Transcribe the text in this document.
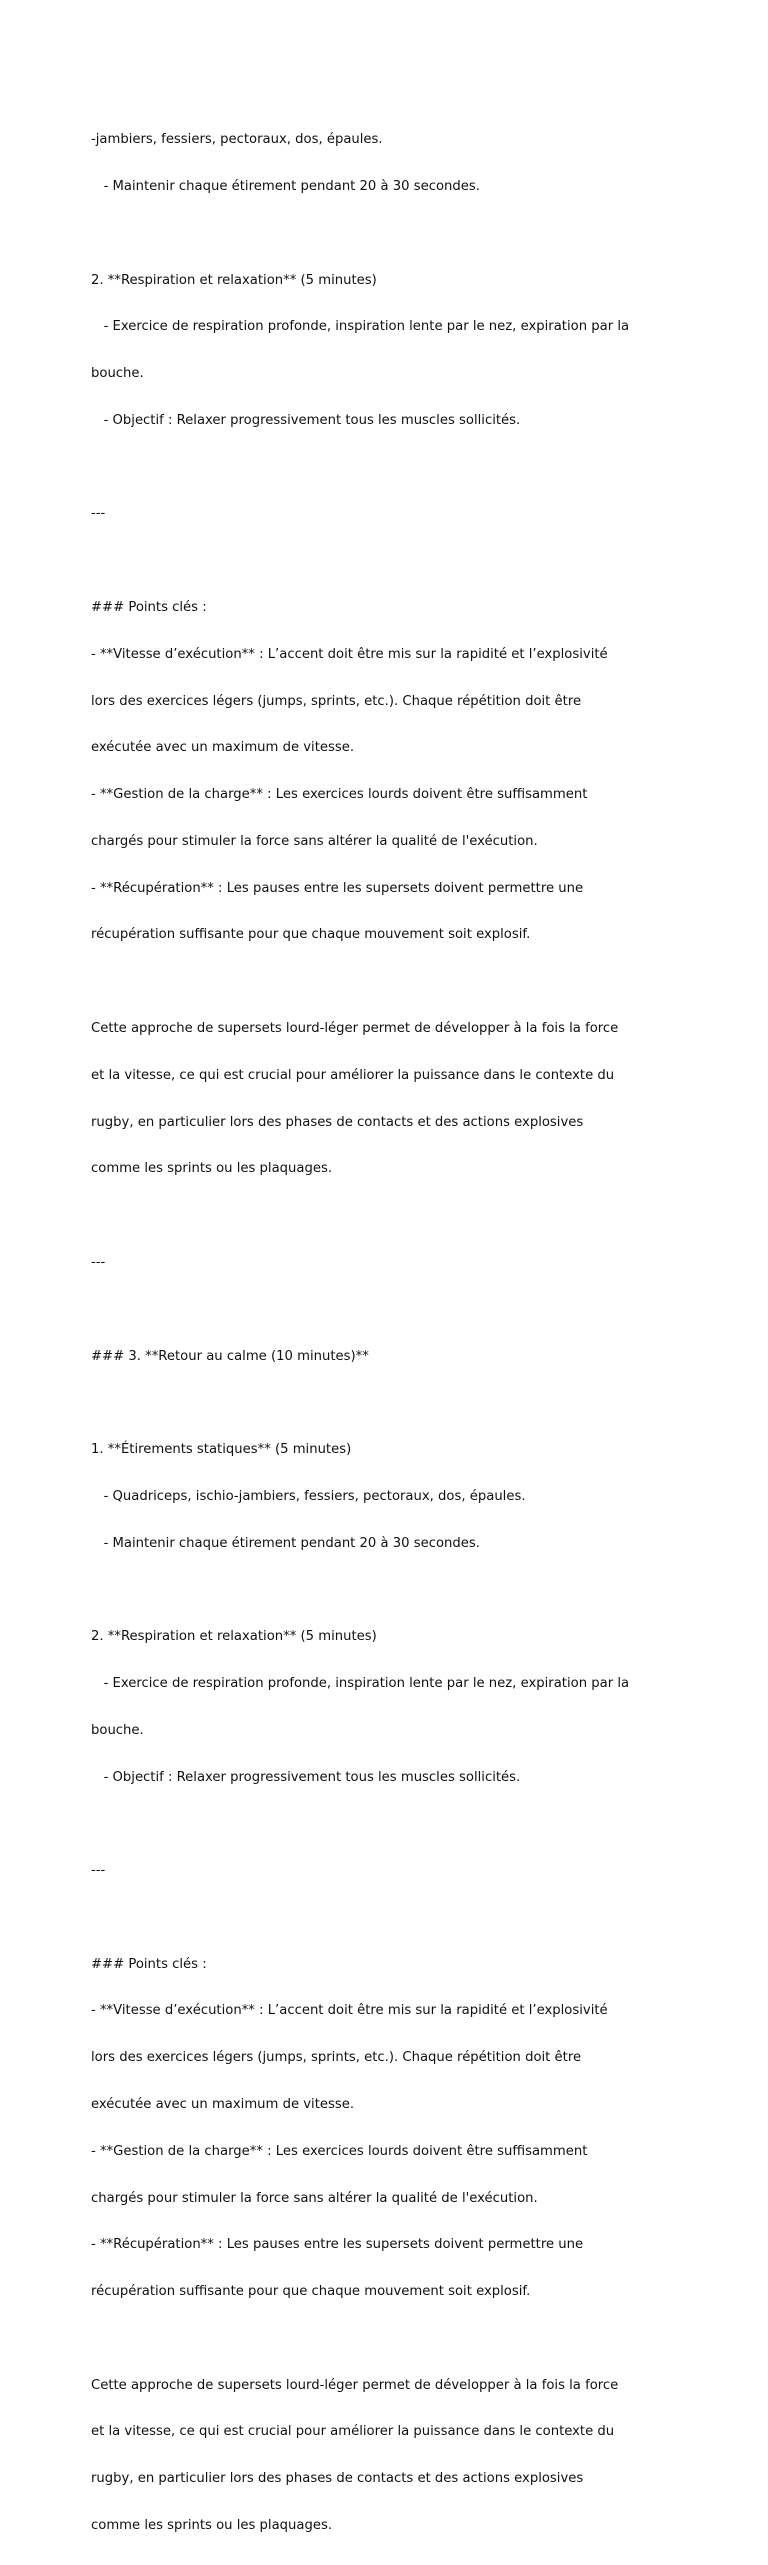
-jambiers, fessiers, pectoraux, dos, épaules.

- Maintenir chaque étirement pendant 20 à 30 secondes.

2. **Respiration et relaxation** (5 minutes)

- Exercice de respiration profonde, inspiration lente par le nez, expiration par la

bouche.

- Objectif : Relaxer progressivement tous les muscles sollicités.

---

### Points clés :

- **Vitesse d’exécution** : L’accent doit être mis sur la rapidité et l’explosivité

lors des exercices légers (jumps, sprints, etc.). Chaque répétition doit être

exécutée avec un maximum de vitesse.

- **Gestion de la charge** : Les exercices lourds doivent être suffisamment

chargés pour stimuler la force sans altérer la qualité de l'exécution.

- **Récupération** : Les pauses entre les supersets doivent permettre une

récupération suffisante pour que chaque mouvement soit explosif.

Cette approche de supersets lourd-léger permet de développer à la fois la force

et la vitesse, ce qui est crucial pour améliorer la puissance dans le contexte du

rugby, en particulier lors des phases de contacts et des actions explosives

comme les sprints ou les plaquages.

---

### 3. **Retour au calme (10 minutes)**

1. **Étirements statiques** (5 minutes)

- Quadriceps, ischio-jambiers, fessiers, pectoraux, dos, épaules.

- Maintenir chaque étirement pendant 20 à 30 secondes.

2. **Respiration et relaxation** (5 minutes)

- Exercice de respiration profonde, inspiration lente par le nez, expiration par la

bouche.

- Objectif : Relaxer progressivement tous les muscles sollicités.

---

### Points clés :

- **Vitesse d’exécution** : L’accent doit être mis sur la rapidité et l’explosivité

lors des exercices légers (jumps, sprints, etc.). Chaque répétition doit être

exécutée avec un maximum de vitesse.

- **Gestion de la charge** : Les exercices lourds doivent être suffisamment

chargés pour stimuler la force sans altérer la qualité de l'exécution.

- **Récupération** : Les pauses entre les supersets doivent permettre une

récupération suffisante pour que chaque mouvement soit explosif.

Cette approche de supersets lourd-léger permet de développer à la fois la force

et la vitesse, ce qui est crucial pour améliorer la puissance dans le contexte du

rugby, en particulier lors des phases de contacts et des actions explosives

comme les sprints ou les plaquages.
